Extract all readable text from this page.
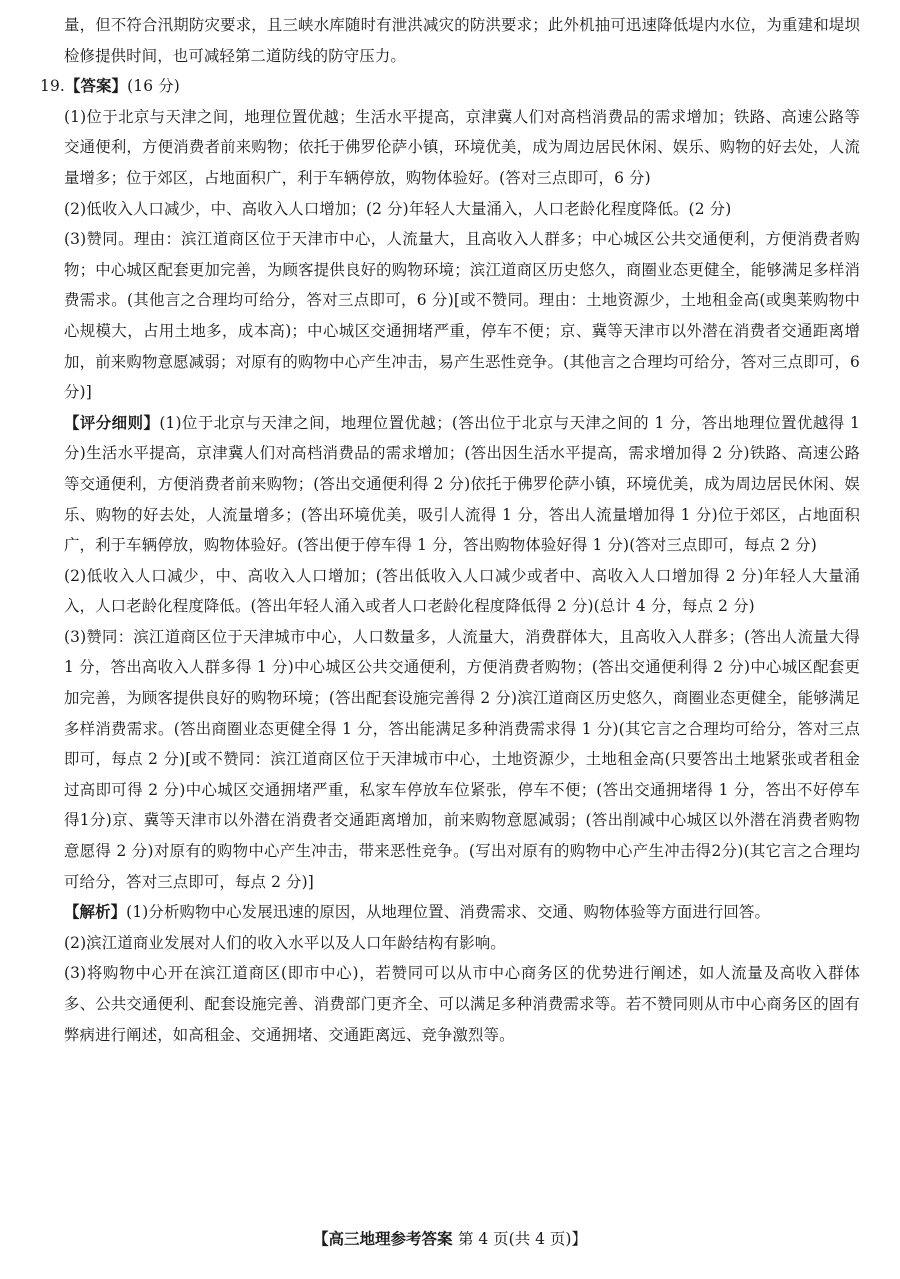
量，但不符合汛期防灾要求，且三峡水库随时有泄洪减灾的防洪要求；此外机抽可迅速降低堤内水位，为重建和堤坝检修提供时间，也可减轻第二道防线的防守压力。

19.【答案】(16 分)

(1)位于北京与天津之间，地理位置优越；生活水平提高，京津冀人们对高档消费品的需求增加；铁路、高速公路等交通便利，方便消费者前来购物；依托于佛罗伦萨小镇，环境优美，成为周边居民休闲、娱乐、购物的好去处，人流量增多；位于郊区，占地面积广，利于车辆停放，购物体验好。(答对三点即可，6 分)

(2)低收入人口减少，中、高收入人口增加；(2 分)年轻人大量涌入，人口老龄化程度降低。(2 分)

(3)赞同。理由：滨江道商区位于天津市中心，人流量大，且高收入人群多；中心城区公共交通便利，方便消费者购物；中心城区配套更加完善，为顾客提供良好的购物环境；滨江道商区历史悠久，商圈业态更健全，能够满足多样消费需求。(其他言之合理均可给分，答对三点即可，6 分)[或不赞同。理由：土地资源少，土地租金高(或奥莱购物中心规模大，占用土地多，成本高)；中心城区交通拥堵严重，停车不便；京、冀等天津市以外潜在消费者交通距离增加，前来购物意愿减弱；对原有的购物中心产生冲击，易产生恶性竞争。(其他言之合理均可给分，答对三点即可，6 分)]

【评分细则】(1)位于北京与天津之间，地理位置优越；(答出位于北京与天津之间的 1 分，答出地理位置优越得 1 分)生活水平提高，京津冀人们对高档消费品的需求增加；(答出因生活水平提高，需求增加得 2 分)铁路、高速公路等交通便利，方便消费者前来购物；(答出交通便利得 2 分)依托于佛罗伦萨小镇，环境优美，成为周边居民休闲、娱乐、购物的好去处，人流量增多；(答出环境优美，吸引人流得 1 分，答出人流量增加得 1 分)位于郊区，占地面积广，利于车辆停放，购物体验好。(答出便于停车得 1 分，答出购物体验好得 1 分)(答对三点即可，每点 2 分)

(2)低收入人口减少，中、高收入人口增加；(答出低收入人口减少或者中、高收入人口增加得 2 分)年轻人大量涌入，人口老龄化程度降低。(答出年轻人涌入或者人口老龄化程度降低得 2 分)(总计 4 分，每点 2 分)

(3)赞同：滨江道商区位于天津城市中心，人口数量多，人流量大，消费群体大，且高收入人群多；(答出人流量大得 1 分，答出高收入人群多得 1 分)中心城区公共交通便利，方便消费者购物；(答出交通便利得 2 分)中心城区配套更加完善，为顾客提供良好的购物环境；(答出配套设施完善得 2 分)滨江道商区历史悠久，商圈业态更健全，能够满足多样消费需求。(答出商圈业态更健全得 1 分，答出能满足多种消费需求得 1 分)(其它言之合理均可给分，答对三点即可，每点 2 分)[或不赞同：滨江道商区位于天津城市中心，土地资源少，土地租金高(只要答出土地紧张或者租金过高即可得 2 分)中心城区交通拥堵严重，私家车停放车位紧张，停车不便；(答出交通拥堵得 1 分，答出不好停车得1分)京、冀等天津市以外潜在消费者交通距离增加，前来购物意愿减弱；(答出削减中心城区以外潜在消费者购物意愿得 2 分)对原有的购物中心产生冲击，带来恶性竞争。(写出对原有的购物中心产生冲击得2分)(其它言之合理均可给分，答对三点即可，每点 2 分)]

【解析】(1)分析购物中心发展迅速的原因，从地理位置、消费需求、交通、购物体验等方面进行回答。

(2)滨江道商业发展对人们的收入水平以及人口年龄结构有影响。

(3)将购物中心开在滨江道商区(即市中心)，若赞同可以从市中心商务区的优势进行阐述，如人流量及高收入群体多、公共交通便利、配套设施完善、消费部门更齐全、可以满足多种消费需求等。若不赞同则从市中心商务区的固有弊病进行阐述，如高租金、交通拥堵、交通距离远、竞争激烈等。

【高三地理参考答案 第 4 页(共 4 页)】
